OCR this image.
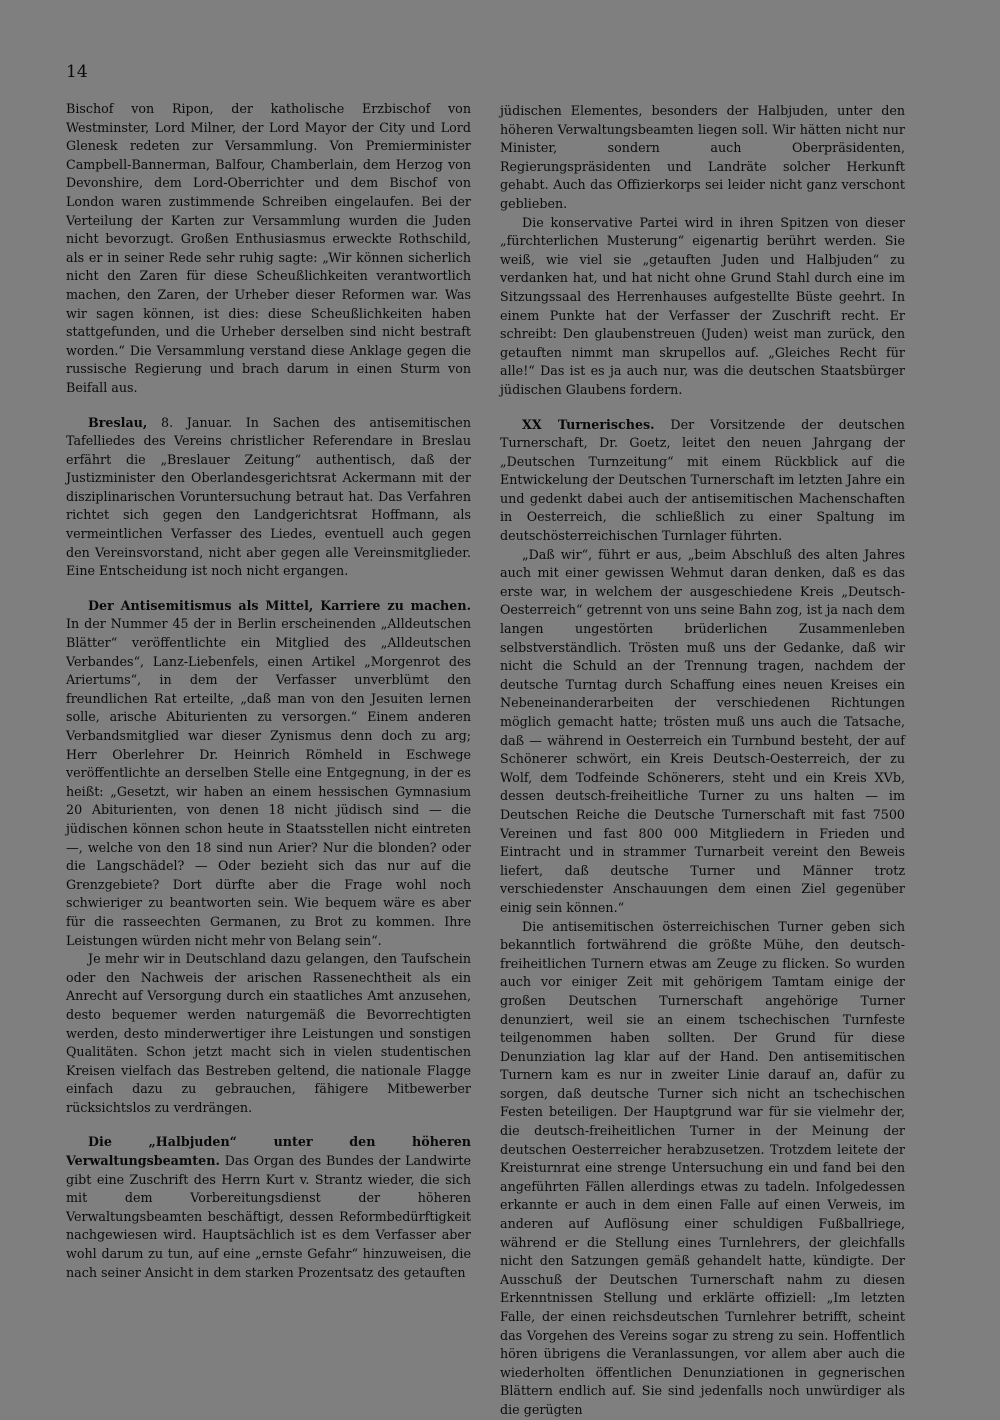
14

Bischof von Ripon, der katholische Erzbischof von Westminster, Lord Milner, der Lord Mayor der City und Lord Glenesk redeten zur Versammlung. Von Premierminister Campbell-Bannerman, Balfour, Chamberlain, dem Herzog von Devonshire, dem Lord-Oberrichter und dem Bischof von London waren zustimmende Schreiben eingelaufen. Bei der Verteilung der Karten zur Versammlung wurden die Juden nicht bevorzugt. Großen Enthusiasmus erweckte Rothschild, als er in seiner Rede sehr ruhig sagte: „Wir können sicherlich nicht den Zaren für diese Scheußlichkeiten verantwortlich machen, den Zaren, der Urheber dieser Reformen war. Was wir sagen können, ist dies: diese Scheußlichkeiten haben stattgefunden, und die Urheber derselben sind nicht bestraft worden.“ Die Versammlung verstand diese Anklage gegen die russische Regierung und brach darum in einen Sturm von Beifall aus.

Breslau, 8. Januar. In Sachen des antisemitischen Tafelliedes des Vereins christlicher Referendare in Breslau erfährt die „Breslauer Zeitung“ authentisch, daß der Justizminister den Oberlandesgerichtsrat Ackermann mit der disziplinarischen Voruntersuchung betraut hat. Das Verfahren richtet sich gegen den Landgerichtsrat Hoffmann, als vermeintlichen Verfasser des Liedes, eventuell auch gegen den Vereinsvorstand, nicht aber gegen alle Vereinsmitglieder. Eine Entscheidung ist noch nicht ergangen.

Der Antisemitismus als Mittel, Karriere zu machen. In der Nummer 45 der in Berlin erscheinenden „Alldeutschen Blätter“ veröffentlichte ein Mitglied des „Alldeutschen Verbandes“, Lanz-Liebenfels, einen Artikel „Morgenrot des Ariertums“, in dem der Verfasser unverblümt den freundlichen Rat erteilte, „daß man von den Jesuiten lernen solle, arische Abiturienten zu versorgen.“ Einem anderen Verbandsmitglied war dieser Zynismus denn doch zu arg; Herr Oberlehrer Dr. Heinrich Römheld in Eschwege veröffentlichte an derselben Stelle eine Entgegnung, in der es heißt: „Gesetzt, wir haben an einem hessischen Gymnasium 20 Abiturienten, von denen 18 nicht jüdisch sind — die jüdischen können schon heute in Staatsstellen nicht eintreten —, welche von den 18 sind nun Arier? Nur die blonden? oder die Langschädel? — Oder bezieht sich das nur auf die Grenzgebiete? Dort dürfte aber die Frage wohl noch schwieriger zu beantworten sein. Wie bequem wäre es aber für die rasseechten Germanen, zu Brot zu kommen. Ihre Leistungen würden nicht mehr von Belang sein“.

Je mehr wir in Deutschland dazu gelangen, den Taufschein oder den Nachweis der arischen Rassenechtheit als ein Anrecht auf Versorgung durch ein staatliches Amt anzusehen, desto bequemer werden naturgemäß die Bevorrechtigten werden, desto minderwertiger ihre Leistungen und sonstigen Qualitäten. Schon jetzt macht sich in vielen studentischen Kreisen vielfach das Bestreben geltend, die nationale Flagge einfach dazu zu gebrauchen, fähigere Mitbewerber rücksichtslos zu verdrängen.

Die „Halbjuden“ unter den höheren Verwaltungsbeamten. Das Organ des Bundes der Landwirte gibt eine Zuschrift des Herrn Kurt v. Strantz wieder, die sich mit dem Vorbereitungsdienst der höheren Verwaltungsbeamten beschäftigt, dessen Reformbedürftigkeit nachgewiesen wird. Hauptsächlich ist es dem Verfasser aber wohl darum zu tun, auf eine „ernste Gefahr“ hinzuweisen, die nach seiner Ansicht in dem starken Prozentsatz des getauften

jüdischen Elementes, besonders der Halbjuden, unter den höheren Verwaltungsbeamten liegen soll. Wir hätten nicht nur Minister, sondern auch Oberpräsidenten, Regierungspräsidenten und Landräte solcher Herkunft gehabt. Auch das Offizierkorps sei leider nicht ganz verschont geblieben.

Die konservative Partei wird in ihren Spitzen von dieser „fürchterlichen Musterung“ eigenartig berührt werden. Sie weiß, wie viel sie „getauften Juden und Halbjuden“ zu verdanken hat, und hat nicht ohne Grund Stahl durch eine im Sitzungssaal des Herrenhauses aufgestellte Büste geehrt. In einem Punkte hat der Verfasser der Zuschrift recht. Er schreibt: Den glaubenstreuen (Juden) weist man zurück, den getauften nimmt man skrupellos auf. „Gleiches Recht für alle!“ Das ist es ja auch nur, was die deutschen Staatsbürger jüdischen Glaubens fordern.

XX Turnerisches. Der Vorsitzende der deutschen Turnerschaft, Dr. Goetz, leitet den neuen Jahrgang der „Deutschen Turnzeitung“ mit einem Rückblick auf die Entwickelung der Deutschen Turnerschaft im letzten Jahre ein und gedenkt dabei auch der antisemitischen Machenschaften in Oesterreich, die schließlich zu einer Spaltung im deutschösterreichischen Turnlager führten.

„Daß wir“, führt er aus, „beim Abschluß des alten Jahres auch mit einer gewissen Wehmut daran denken, daß es das erste war, in welchem der ausgeschiedene Kreis „Deutsch-Oesterreich“ getrennt von uns seine Bahn zog, ist ja nach dem langen ungestörten brüderlichen Zusammenleben selbstverständlich. Trösten muß uns der Gedanke, daß wir nicht die Schuld an der Trennung tragen, nachdem der deutsche Turntag durch Schaffung eines neuen Kreises ein Nebeneinanderarbeiten der verschiedenen Richtungen möglich gemacht hatte; trösten muß uns auch die Tatsache, daß — während in Oesterreich ein Turnbund besteht, der auf Schönerer schwört, ein Kreis Deutsch-Oesterreich, der zu Wolf, dem Todfeinde Schönerers, steht und ein Kreis XVb, dessen deutsch-freiheitliche Turner zu uns halten — im Deutschen Reiche die Deutsche Turnerschaft mit fast 7500 Vereinen und fast 800 000 Mitgliedern in Frieden und Eintracht und in strammer Turnarbeit vereint den Beweis liefert, daß deutsche Turner und Männer trotz verschiedenster Anschauungen dem einen Ziel gegenüber einig sein können.“

Die antisemitischen österreichischen Turner geben sich bekanntlich fortwährend die größte Mühe, den deutsch-freiheitlichen Turnern etwas am Zeuge zu flicken. So wurden auch vor einiger Zeit mit gehörigem Tamtam einige der großen Deutschen Turnerschaft angehörige Turner denunziert, weil sie an einem tschechischen Turnfeste teilgenommen haben sollten. Der Grund für diese Denunziation lag klar auf der Hand. Den antisemitischen Turnern kam es nur in zweiter Linie darauf an, dafür zu sorgen, daß deutsche Turner sich nicht an tschechischen Festen beteiligen. Der Hauptgrund war für sie vielmehr der, die deutsch-freiheitlichen Turner in der Meinung der deutschen Oesterreicher herabzusetzen. Trotzdem leitete der Kreisturnrat eine strenge Untersuchung ein und fand bei den angeführten Fällen allerdings etwas zu tadeln. Infolgedessen erkannte er auch in dem einen Falle auf einen Verweis, im anderen auf Auflösung einer schuldigen Fußballriege, während er die Stellung eines Turnlehrers, der gleichfalls nicht den Satzungen gemäß gehandelt hatte, kündigte. Der Ausschuß der Deutschen Turnerschaft nahm zu diesen Erkenntnissen Stellung und erklärte offiziell: „Im letzten Falle, der einen reichsdeutschen Turnlehrer betrifft, scheint das Vorgehen des Vereins sogar zu streng zu sein. Hoffentlich hören übrigens die Veranlassungen, vor allem aber auch die wiederholten öffentlichen Denunziationen in gegnerischen Blättern endlich auf. Sie sind jedenfalls noch unwürdiger als die gerügten
